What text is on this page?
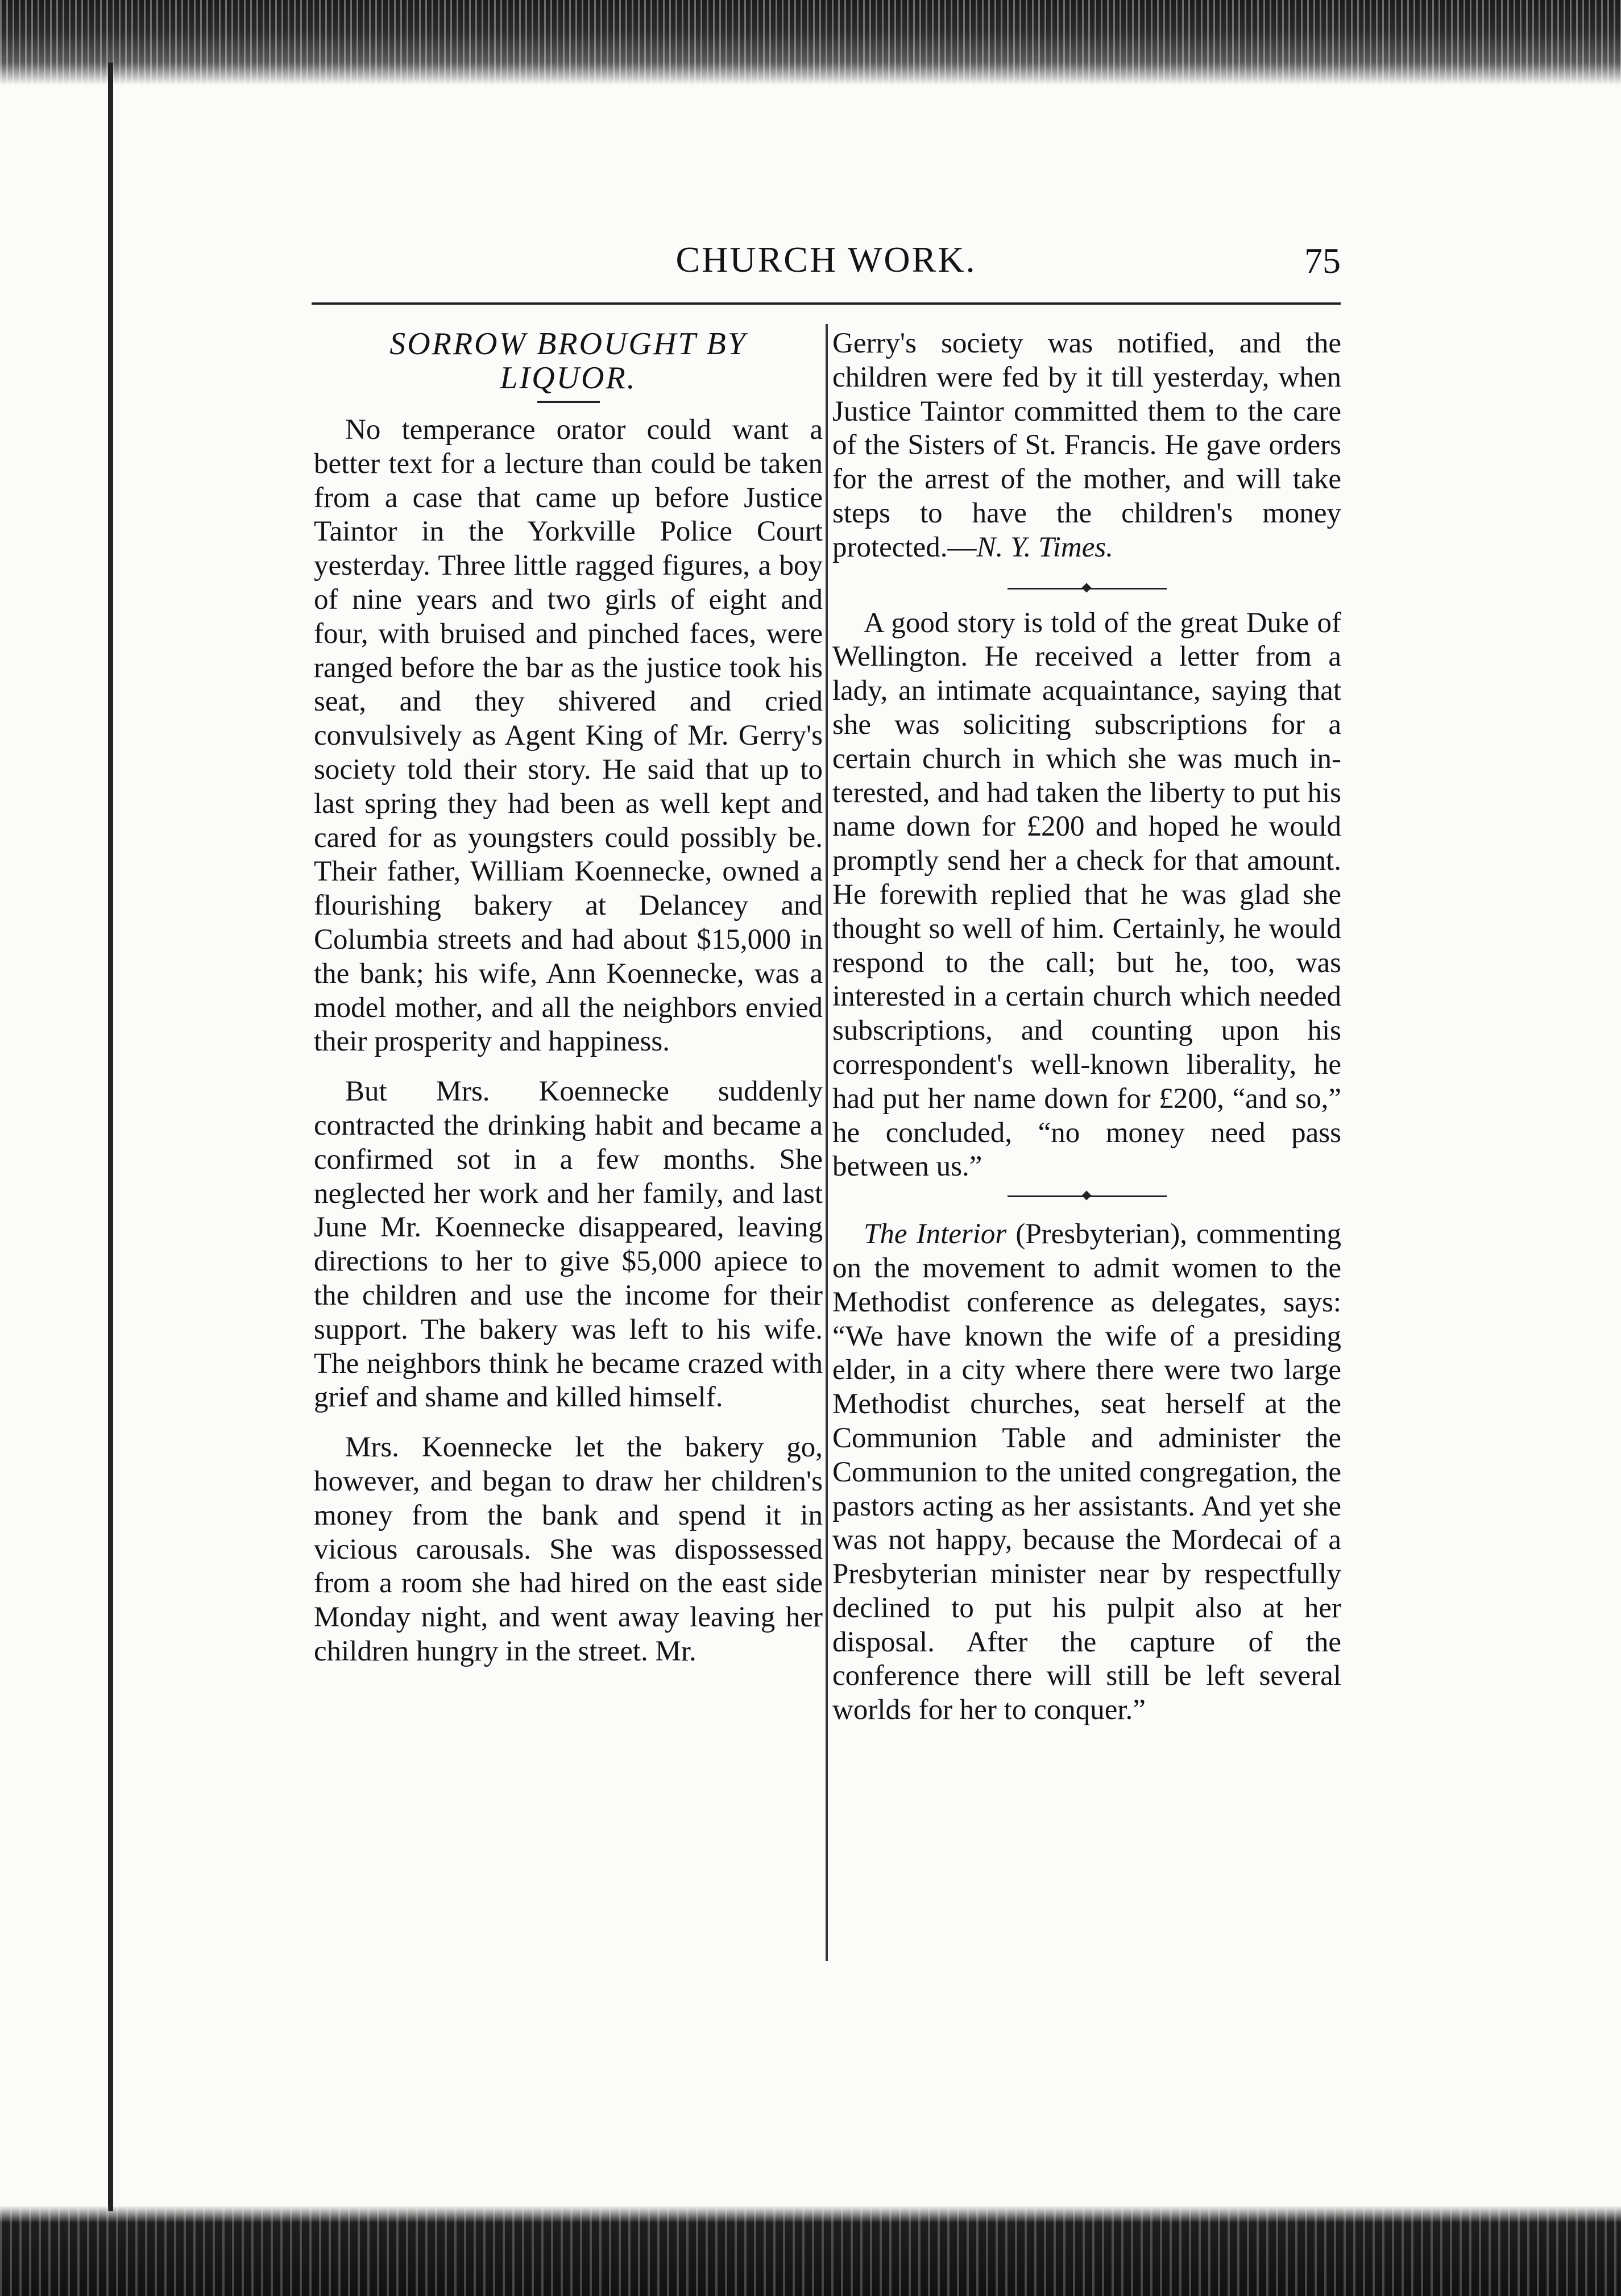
CHURCH WORK.	75
SORROW BROUGHT BY
LIQUOR.

No temperance orator could want a better text for a lecture than could be taken from a case that came up before Justice Taintor in the Yorkville Police Court yesterday. Three little ragged figures, a boy of nine years and two girls of eight and four, with bruised and pinched faces, were ranged before the bar as the justice took his seat, and they shivered and cried convulsively as Agent King of Mr. Gerry's society told their story. He said that up to last spring they had been as well kept and cared for as youngsters could possibly be. Their father, William Koennecke, owned a flourishing bakery at Delancey and Columbia streets and had about $15,000 in the bank; his wife, Ann Koennecke, was a model mother, and all the neighbors envied their prosperity and happiness.

But Mrs. Koennecke suddenly contracted the drinking habit and became a confirmed sot in a few months. She neglected her work and her family, and last June Mr. Koennecke disappeared, leaving directions to her to give $5,000 apiece to the children and use the income for their support. The bakery was left to his wife. The neighbors think he became crazed with grief and shame and killed himself.

Mrs. Koennecke let the bakery go, however, and began to draw her children's money from the bank and spend it in vicious carousals. She was dispossessed from a room she had hired on the east side Monday night, and went away leaving her children hungry in the street. Mr.

Gerry's society was notified, and the children were fed by it till yesterday, when Justice Taintor committed them to the care of the Sisters of St. Francis. He gave orders for the arrest of the mother, and will take steps to have the children's money protected.—N. Y. Times.

A good story is told of the great Duke of Wellington. He received a letter from a lady, an intimate acquaintance, saying that she was soliciting subscriptions for a certain church in which she was much interested, and had taken the liberty to put his name down for £200 and hoped he would promptly send her a check for that amount. He forewith replied that he was glad she thought so well of him. Certainly, he would respond to the call; but he, too, was interested in a certain church which needed subscriptions, and counting upon his correspondent's well-known liberality, he had put her name down for £200, “and so,” he concluded, “no money need pass between us.”

The Interior (Presbyterian), commenting on the movement to admit women to the Methodist conference as delegates, says: “We have known the wife of a presiding elder, in a city where there were two large Methodist churches, seat herself at the Communion Table and administer the Communion to the united congregation, the pastors acting as her assistants. And yet she was not happy, because the Mordecai of a Presbyterian minister near by respectfully declined to put his pulpit also at her disposal. After the capture of the conference there will still be left several worlds for her to conquer.”
